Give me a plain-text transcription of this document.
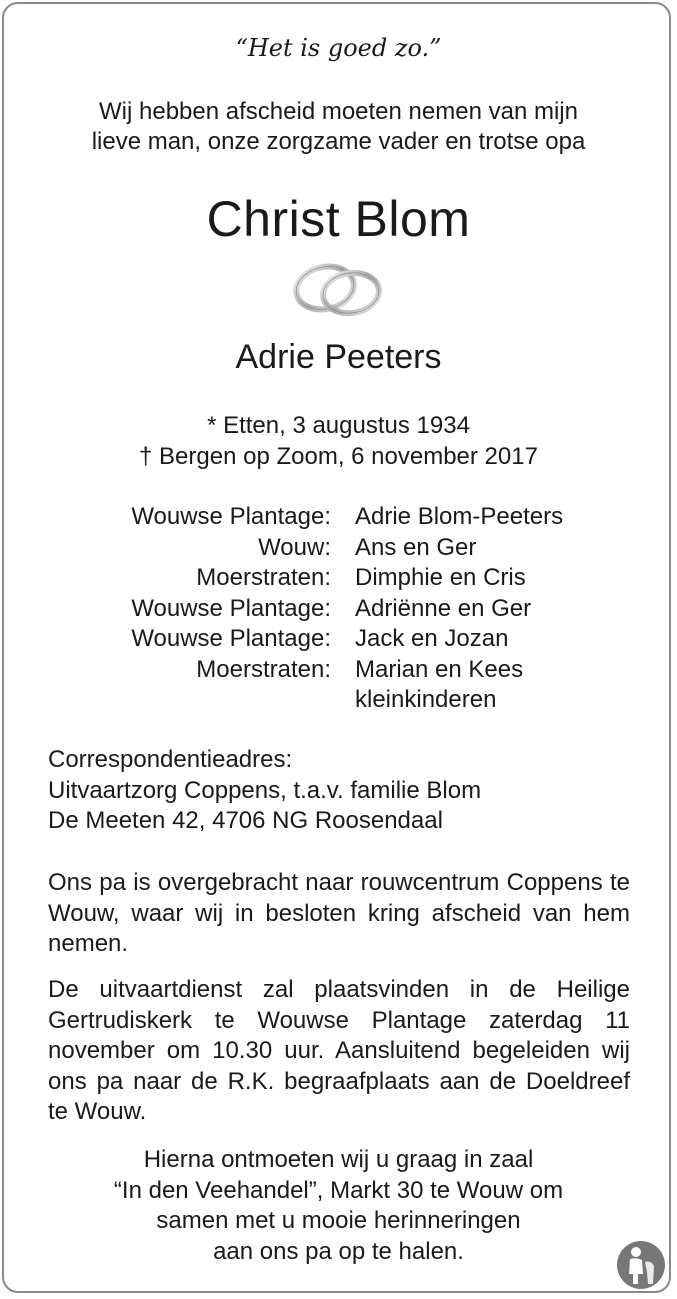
“Het is goed zo.”
Wij hebben afscheid moeten nemen van mijn
lieve man, onze zorgzame vader en trotse opa
Christ Blom
Adrie Peeters
* Etten, 3 augustus 1934
† Bergen op Zoom, 6 november 2017
Wouwse Plantage:	Adrie Blom-Peeters
Wouw:	Ans en Ger
Moerstraten:	Dimphie en Cris
Wouwse Plantage:	Adriënne en Ger
Wouwse Plantage:	Jack en Jozan
Moerstraten:	Marian en Kees
kleinkinderen
Correspondentieadres:
Uitvaartzorg Coppens, t.a.v. familie Blom
De Meeten 42, 4706 NG Roosendaal
Ons pa is overgebracht naar rouwcentrum Coppens te Wouw, waar wij in besloten kring afscheid van hem nemen.
De uitvaartdienst zal plaatsvinden in de Heilige Gertrudiskerk te Wouwse Plantage zaterdag 11 november om 10.30 uur. Aansluitend begeleiden wij ons pa naar de R.K. begraafplaats aan de Doeldreef te Wouw.
Hierna ontmoeten wij u graag in zaal
“In den Veehandel”, Markt 30 te Wouw om
samen met u mooie herinneringen
aan ons pa op te halen.
